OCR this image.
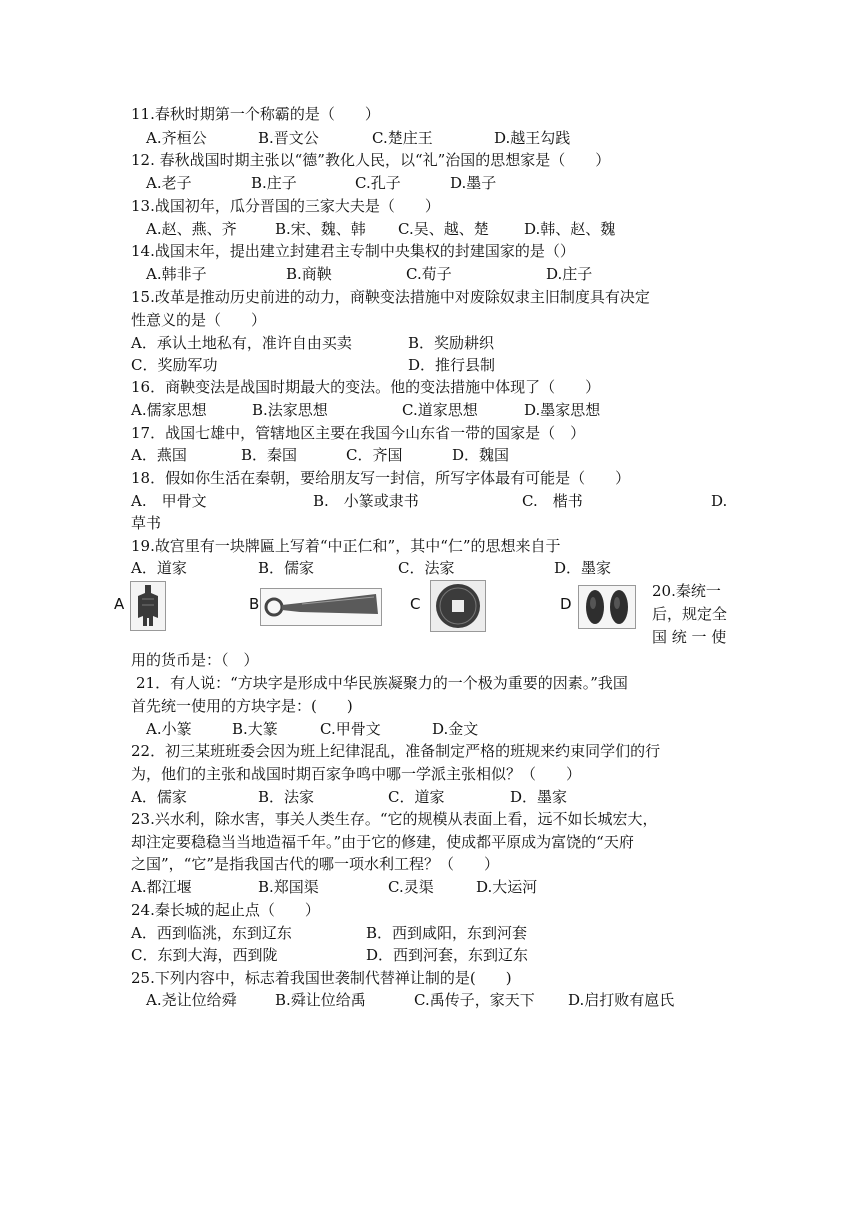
11.春秋时期第一个称霸的是（　　）
A.齐桓公	B.晋文公	C.楚庄王	D.越王勾践
12. 春秋战国时期主张以“德”教化人民，以“礼”治国的思想家是（　　）
A.老子	B.庄子	C.孔子	D.墨子
13.战国初年，瓜分晋国的三家大夫是（　　）
A.赵、燕、齐	B.宋、魏、韩 C.吴、越、楚 D.韩、赵、魏
14.战国末年，提出建立封建君主专制中央集权的封建国家的是（）
A.韩非子	B.商鞅	C.荀子	D.庄子
15.改革是推动历史前进的动力，商鞅变法措施中对废除奴隶主旧制度具有决定
性意义的是（　　）
A．承认土地私有，准许自由买卖	B．奖励耕织
C．奖励军功	D．推行县制
16．商鞅变法是战国时期最大的变法。他的变法措施中体现了（　　）
A.儒家思想	B.法家思想	C.道家思想	D.墨家思想
17．战国七雄中，管辖地区主要在我国今山东省一带的国家是（　）
A．燕国	B．秦国	C．齐国	D．魏国
18．假如你生活在秦朝，要给朋友写一封信，所写字体最有可能是（　　）
A.　甲骨文	B.　小篆或隶书	C.　楷书	D.
草书
19.故宫里有一块牌匾上写着“中正仁和”，其中“仁”的思想来自于
A．道家	B．儒家	C．法家	D．墨家
A	B	C	D
20.秦统一
后，规定全
国 统 一 使
用的货币是：（　）
21．有人说：“方块字是形成中华民族凝聚力的一个极为重要的因素。”我国
首先统一使用的方块字是：(　　)
A.小篆	B.大篆	C.甲骨文	D.金文
22．初三某班班委会因为班上纪律混乱，准备制定严格的班规来约束同学们的行
为，他们的主张和战国时期百家争鸣中哪一学派主张相似？（　　）
A．儒家	B．法家	C．道家	D．墨家
23.兴水利，除水害，事关人类生存。“它的规模从表面上看，远不如长城宏大，
却注定要稳稳当当地造福千年。”由于它的修建，使成都平原成为富饶的“天府
之国”，“它”是指我国古代的哪一项水利工程？（　　）
A.都江堰	B.郑国渠	C.灵渠	D.大运河
24.秦长城的起止点（　　）
A．西到临洮，东到辽东	B．西到咸阳，东到河套
C．东到大海，西到陇	D．西到河套，东到辽东
25.下列内容中，标志着我国世袭制代替禅让制的是(　　)
A.尧让位给舜	B.舜让位给禹	C.禹传子，家天下 D.启打败有扈氏
